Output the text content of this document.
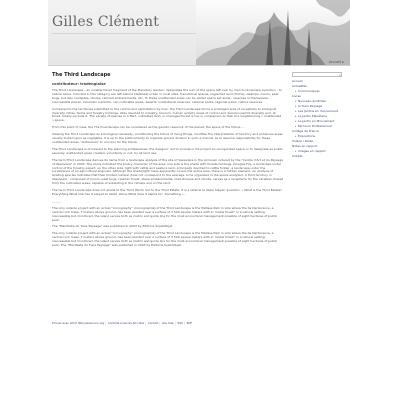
Gilles Clément
Accueil ▸
The Third Landscape
contributeur: tradenglaise

The Third Landscape - an undetermined fragment of the Planetary Garden- designates the sum of the space left over by man to landscape evolution - to nature alone. Included in this category are left behind (délaissé) urban or rural sites, transitional spaces, neglected land (friche), swamps, moors, peat bogs, but also roadsides, shores, railroad embankments, etc. To these unattended areas can be added space set aside , reserves in themselves: inaccessible places, mountain summits, non-cultivable areas, deserts; institutional reserves: national parks, regional parks, nature reserves.

Compared to the territories submitted to the control and exploitation by man, the Third Landscape forms a privileged area of receptivity to biological diversity. Cities, farms and forestry holdings, sites devoted to industry, tourism, human activity areas of control and decision permit diversity and, at times, totally exclude it. The variety of species in a field, cultivated land, or managed forest is low in comparison to that of a neighbouring « unattended » space.

From this point of view, the Third Landscape can be considered as the genetic reservoir of the planet, the space of the future....

Viewing the Third Landscape as a biological necessity, conditioning the future of living things, modifies the interpretation of territory and enhances areas usually looked upon as negligible. It is up to the political body to organize ground division in such a manner as to assume responsibility for these unattended areas, 'zarbanouni' to concern for the future.

The Third Landscape is of interest to the planning professionals, the designer, led to include in his project an unorganized space or to designate as public severely unattended areas created, voluntarily or not, by all land use.

The term Third Landscape derives its name from a landscape analysis of the site of Vassivière in the Limousin ordered by the "Centre d'Art et du Paysage of Vassivière" in 2003. The study indicated the binary character of the area: one side is the shade with forests holdings, Douglas Firs, a landscape under control of the forestry expert; on the other side, light with cattle and pasture land, principally devoted to cattle fodder, a landscape under the surveillance of an agricultural engineer. Although the shade/light mass apparently covers the entire area, there is a hidden element. An analysis of existing species indicates that their limited number does not correspond to the average. Is he organized in the space analyzed. A third territory in Vassivière : composed of moors, peat bogs, riparian forest, steep embankments, road-itinerae and shrubs, serves as a receptacle for the varieties chased from the cultivated areas, capable of subsisting in the climate and on the land.

The term Third Landscape does not allude to the Third World, but to the Third Estate. It is a referral to Abbé Sièyès' question: « What is the Third Estate? Everything.What role has it played to date? -None.What does it aspire to? -Something ».

--------

The only outside project with an actual "iconography" (iconographie) of the Third Landscape is the Matisse Park in Lille where the Île Derborence, a central rock mass, 7 meters above ground, has been planted over a surface of 3 500 square meters with a" model forest" in a natural setting, inaccessible but monitored, the island serves both as matrix and guide line for the most economical management possible of eight hectares of public park.

The "Manifeste du Tiers Paysage" was published in 2003 by Editions Sujet/Objet.

The only outside project with an actual "iconography" (iconographie) of the Third Landscape is the Matisse Park in Lille where the Île Derborence, a central rock mass, 7 meters above ground, has been planted over a surface of 3 500 square meters with a" model forest" in a natural setting, inaccessible but monitored, the island serves both as matrix and guide line for the most economical management possible of eight hectares of public park. The "Manifeste du Tiers Paysage" was published in 2003 by Editions Sujet/Objet.

»
Accueil
Actualités
▸Communiqués
Livres
▸Nouveau quotidien
▸le Tiers Paysage
▸Les Jardins en mouvement
▸Le Jardin Planétaire
▸Le Jardin en Mouvement
▸Parcours Professionnel
Collège de France
▸Expositions
Vidéos / Radio
Notes en rapport
▸Images en rapport
Crédits
Ecrivez avec LUCU http://www.lucu.org| Contrôlé Licences Art Libre| Contact| site map| RSS| RDF
